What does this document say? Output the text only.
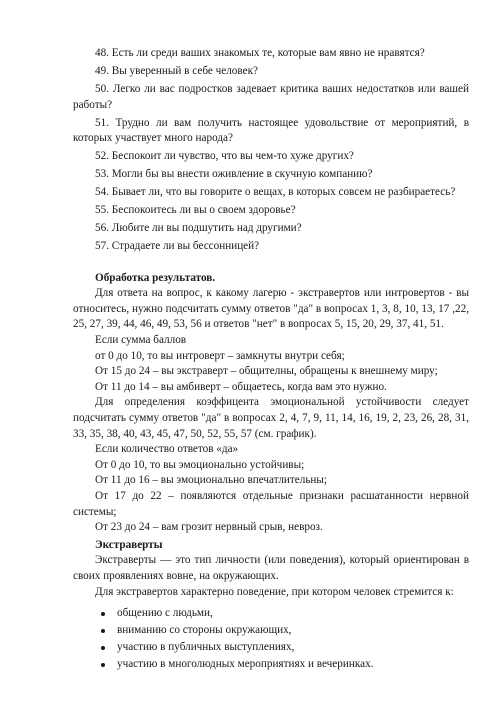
48. Есть ли среди ваших знакомых те, которые вам явно не нравятся?

49. Вы уверенный в себе человек?

50. Легко ли вас подростков задевает критика ваших недостатков или вашей работы?

51. Трудно ли вам получить настоящее удовольствие от мероприятий, в которых участвует много народа?

52. Беспокоит ли чувство, что вы чем-то хуже других?

53. Могли бы вы внести оживление в скучную компанию?

54. Бывает ли, что вы говорите о вещах, в которых совсем не разбираетесь?

55. Беспокоитесь ли вы о своем здоровье?

56. Любите ли вы подшутить над другими?

57. Страдаете ли вы бессонницей?

Обработка результатов.

Для ответа на вопрос, к какому лагерю - экстравертов или интровертов - вы относитесь, нужно подсчитать сумму ответов "да" в вопросах 1, 3, 8, 10, 13, 17 ,22, 25, 27, 39, 44, 46, 49, 53, 56 и ответов "нет" в вопросах 5, 15, 20, 29, 37, 41, 51.

Если сумма баллов

от 0 до 10, то вы интроверт – замкнуты внутри себя;

От 15 до 24 – вы экстраверт – общителны, обращены к внешнему миру;

От 11 до 14 – вы амбиверт – общаетесь, когда вам это нужно.

Для определения коэффицента эмоциональной устойчивости следует подсчитать сумму ответов "да" в вопросах 2, 4, 7, 9, 11, 14, 16, 19, 2, 23, 26, 28, 31, 33, 35, 38, 40, 43, 45, 47, 50, 52, 55, 57 (см. график).

Если количество ответов «да»

От 0 до 10, то вы эмоционально устойчивы;

От 11 до 16 – вы эмоционально впечатлительны;

От 17 до 22 – появляются отдельные признаки расшатанности нервной системы;

От 23 до 24 – вам грозит нервный срыв, невроз.

Экстраверты

Экстраверты — это тип личности (или поведения), который ориентирован в своих проявлениях вовне, на окружающих.

Для экстравертов характерно поведение, при котором человек стремится к:

общению с людьми,
вниманию со стороны окружающих,
участию в публичных выступлениях,
участию в многолюдных мероприятиях и вечеринках.
